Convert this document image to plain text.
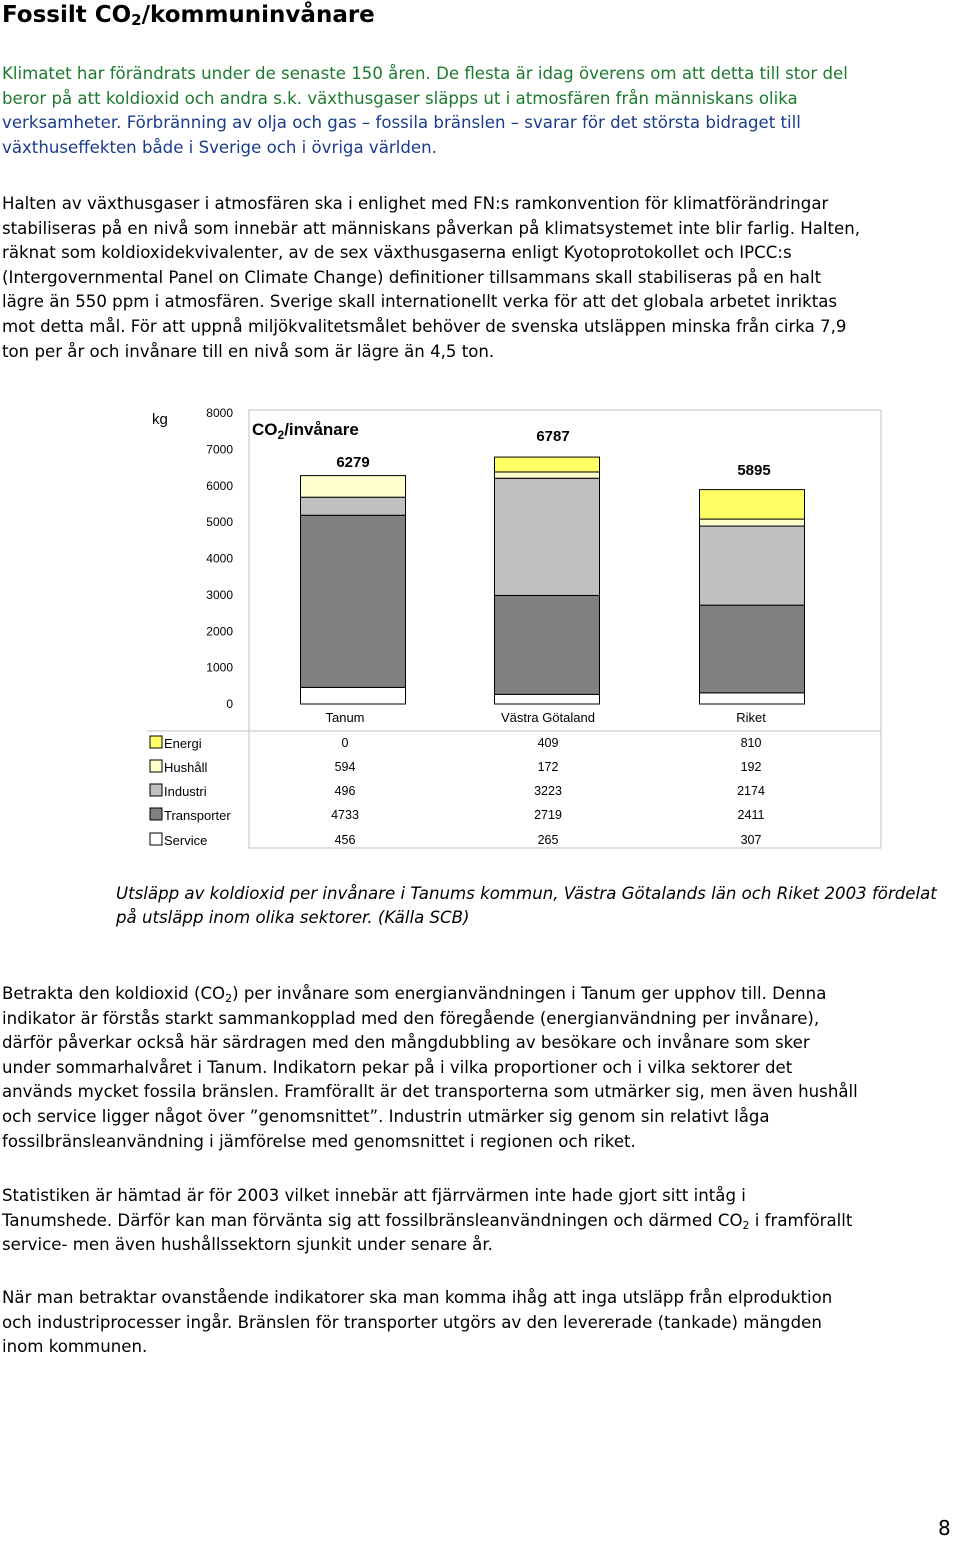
Fossilt $CO_2$/kommuninvånare
Klimatet har förändrats under de senaste 150 åren. De flesta är idag överens om att detta till stor del
beror på att koldioxid och andra s.k. växthusgaser släpps ut i atmosfären från människans olika
verksamheter. Förbränning av olja och gas – fossila bränslen – svarar för det största bidraget till
växthuseffekten både i Sverige och i övriga världen.
Halten av växthusgaser i atmosfären ska i enlighet med FN:s ramkonvention för klimatförändringar
stabiliseras på en nivå som innebär att människans påverkan på klimatsystemet inte blir farlig. Halten,
räknat som koldioxidekvivalenter, av de sex växthusgaserna enligt Kyotoprotokollet och IPCC:s
(Intergovernmental Panel on Climate Change) definitioner tillsammans skall stabiliseras på en halt
lägre än 550 ppm i atmosfären. Sverige skall internationellt verka för att det globala arbetet inriktas
mot detta mål. För att uppnå miljökvalitetsmålet behöver de svenska utsläppen minska från cirka 7,9
ton per år och invånare till en nivå som är lägre än 4,5 ton.
kg
0
1000
2000
3000
4000
5000
6000
7000
8000
6279
6787
5895
$CO_2$/invånare
Tanum	Västra Götaland	Riket
Energi	0	409	810
Hushåll	594	172	192
Industri	496	3223	2174
Transporter	4733	2719	2411
Service	456	265	307
Utsläpp av koldioxid per invånare i Tanums kommun, Västra Götalands län och Riket 2003 fördelat
på utsläpp inom olika sektorer. (Källa SCB)
Betrakta den koldioxid $(CO_2)$ per invånare som energianvändningen i Tanum ger upphov till. Denna
indikator är förstås starkt sammankopplad med den föregående (energianvändning per invånare),
därför påverkar också här särdragen med den mångdubbling av besökare och invånare som sker
under sommarhalvåret i Tanum. Indikatorn pekar på i vilka proportioner och i vilka sektorer det
används mycket fossila bränslen. Framförallt är det transporterna som utmärker sig, men även hushåll
och service ligger något över ”genomsnittet”. Industrin utmärker sig genom sin relativt låga
fossilbränsleanvändning i jämförelse med genomsnittet i regionen och riket.
Statistiken är hämtad är för 2003 vilket innebär att fjärrvärmen inte hade gjort sitt intåg i
Tanumshede. Därför kan man förvänta sig att fossilbränsleanvändningen och därmed $CO_2$ i framförallt
service- men även hushållssektorn sjunkit under senare år.
När man betraktar ovanstående indikatorer ska man komma ihåg att inga utsläpp från elproduktion
och industriprocesser ingår. Bränslen för transporter utgörs av den levererade (tankade) mängden
inom kommunen.
8
